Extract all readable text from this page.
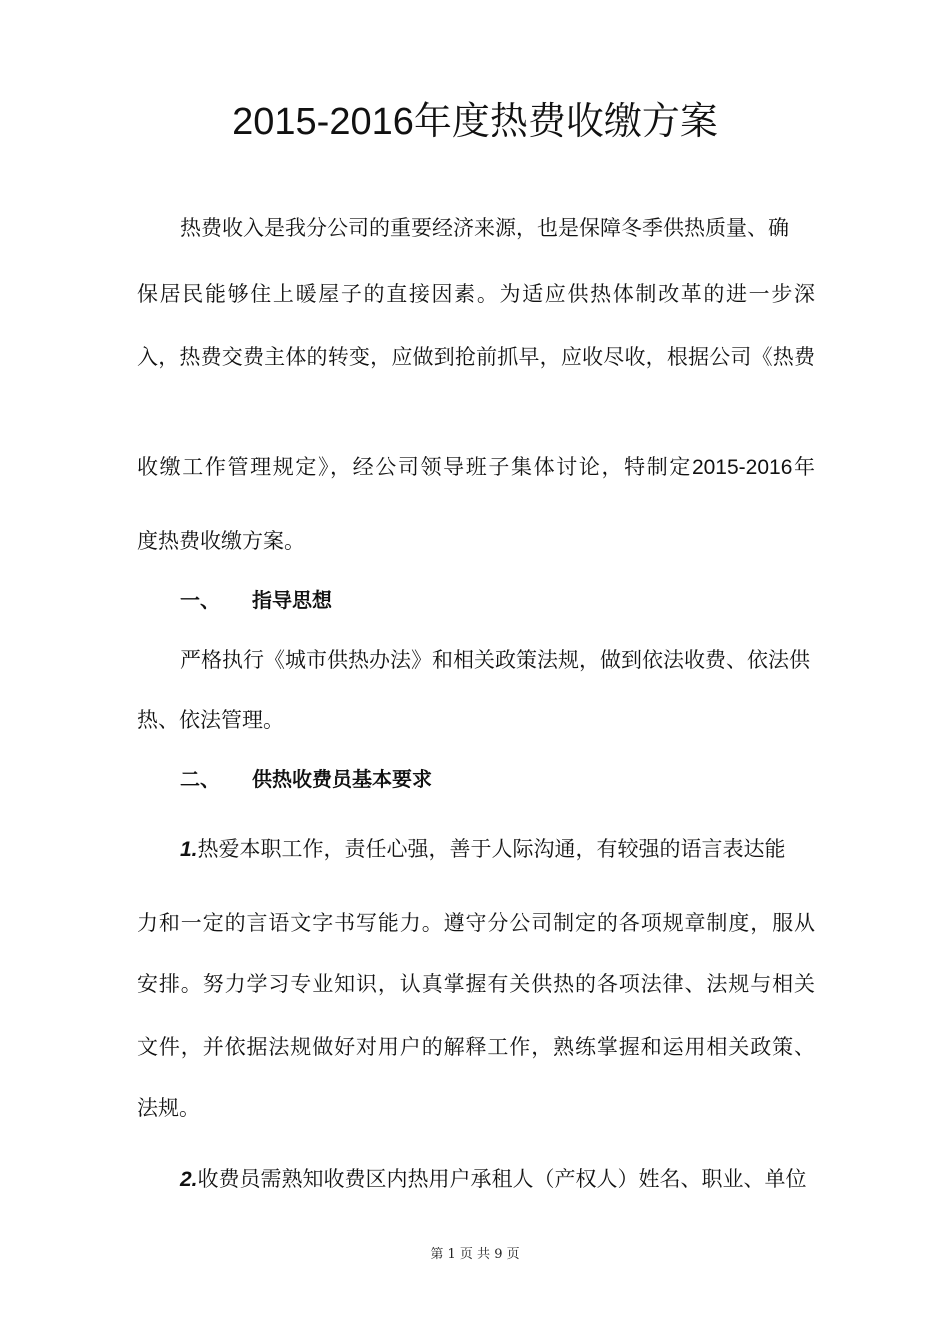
2015-2016年度热费收缴方案

热费收入是我分公司的重要经济来源，也是保障冬季供热质量、确

保居民能够住上暖屋子的直接因素。为适应供热体制改革的进一步深

入，热费交费主体的转变，应做到抢前抓早，应收尽收，根据公司《热费

收缴工作管理规定》，经公司领导班子集体讨论，特制定2015-2016年

度热费收缴方案。

一、 指导思想

严格执行《城市供热办法》和相关政策法规，做到依法收费、依法供

热、依法管理。

二、 供热收费员基本要求

1.热爱本职工作，责任心强，善于人际沟通，有较强的语言表达能

力和一定的言语文字书写能力。遵守分公司制定的各项规章制度，服从

安排。努力学习专业知识，认真掌握有关供热的各项法律、法规与相关

文件，并依据法规做好对用户的解释工作，熟练掌握和运用相关政策、

法规。

2.收费员需熟知收费区内热用户承租人（产权人）姓名、职业、单位

第 1 页 共 9 页
